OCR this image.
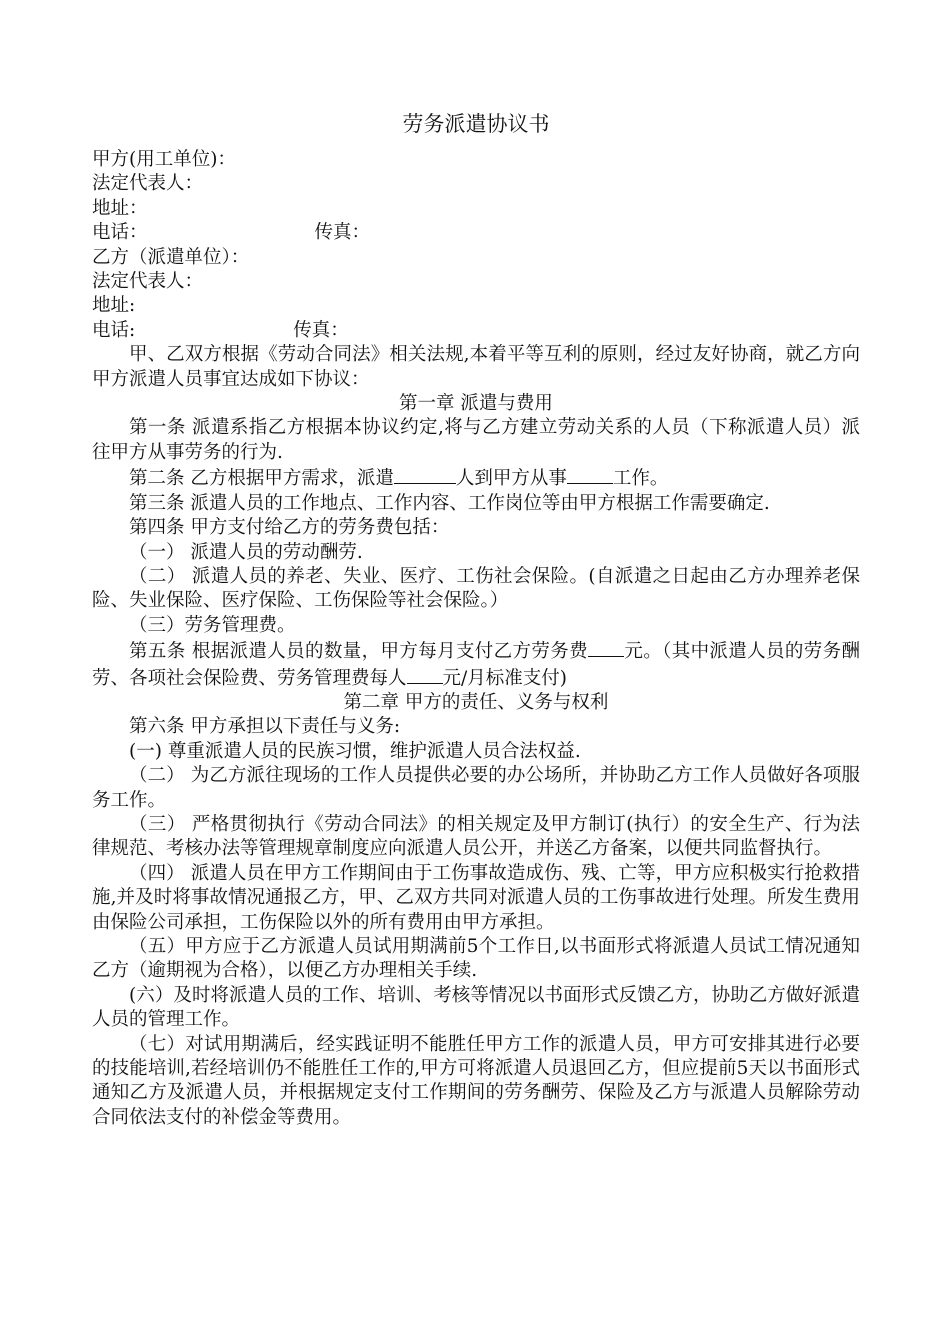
劳务派遣协议书
甲方(用工单位)：
法定代表人：
地址：
电话：	传真：
乙方（派遣单位）：
法定代表人：
地址:
电话:	传真：
甲、乙双方根据《劳动合同法》相关法规,本着平等互利的原则，经过友好协商，就乙方向甲方派遣人员事宜达成如下协议：
第一章 派遣与费用
第一条 派遣系指乙方根据本协议约定,将与乙方建立劳动关系的人员（下称派遣人员）派往甲方从事劳务的行为.
第二条 乙方根据甲方需求，派遣	人到甲方从事 工作。
第三条 派遣人员的工作地点、工作内容、工作岗位等由甲方根据工作需要确定.
第四条 甲方支付给乙方的劳务费包括：
（一） 派遣人员的劳动酬劳.
（二） 派遣人员的养老、失业、医疗、工伤社会保险。(自派遣之日起由乙方办理养老保险、失业保险、医疗保险、工伤保险等社会保险。）
（三）劳务管理费。
第五条 根据派遣人员的数量，甲方每月支付乙方劳务费 元。（其中派遣人员的劳务酬劳、各项社会保险费、劳务管理费每人 元/月标准支付)
第二章 甲方的责任、义务与权利
第六条 甲方承担以下责任与义务:
(一) 尊重派遣人员的民族习惯，维护派遣人员合法权益.
（二） 为乙方派往现场的工作人员提供必要的办公场所，并协助乙方工作人员做好各项服务工作。
（三） 严格贯彻执行《劳动合同法》的相关规定及甲方制订(执行）的安全生产、行为法律规范、考核办法等管理规章制度应向派遣人员公开，并送乙方备案，以便共同监督执行。
（四） 派遣人员在甲方工作期间由于工伤事故造成伤、残、亡等，甲方应积极实行抢救措施,并及时将事故情况通报乙方，甲、乙双方共同对派遣人员的工伤事故进行处理。所发生费用由保险公司承担，工伤保险以外的所有费用由甲方承担。
（五）甲方应于乙方派遣人员试用期满前5个工作日,以书面形式将派遣人员试工情况通知乙方（逾期视为合格），以便乙方办理相关手续.
(六）及时将派遣人员的工作、培训、考核等情况以书面形式反馈乙方，协助乙方做好派遣人员的管理工作。
（七）对试用期满后，经实践证明不能胜任甲方工作的派遣人员，甲方可安排其进行必要的技能培训,若经培训仍不能胜任工作的,甲方可将派遣人员退回乙方，但应提前5天以书面形式通知乙方及派遣人员，并根据规定支付工作期间的劳务酬劳、保险及乙方与派遣人员解除劳动合同依法支付的补偿金等费用。
